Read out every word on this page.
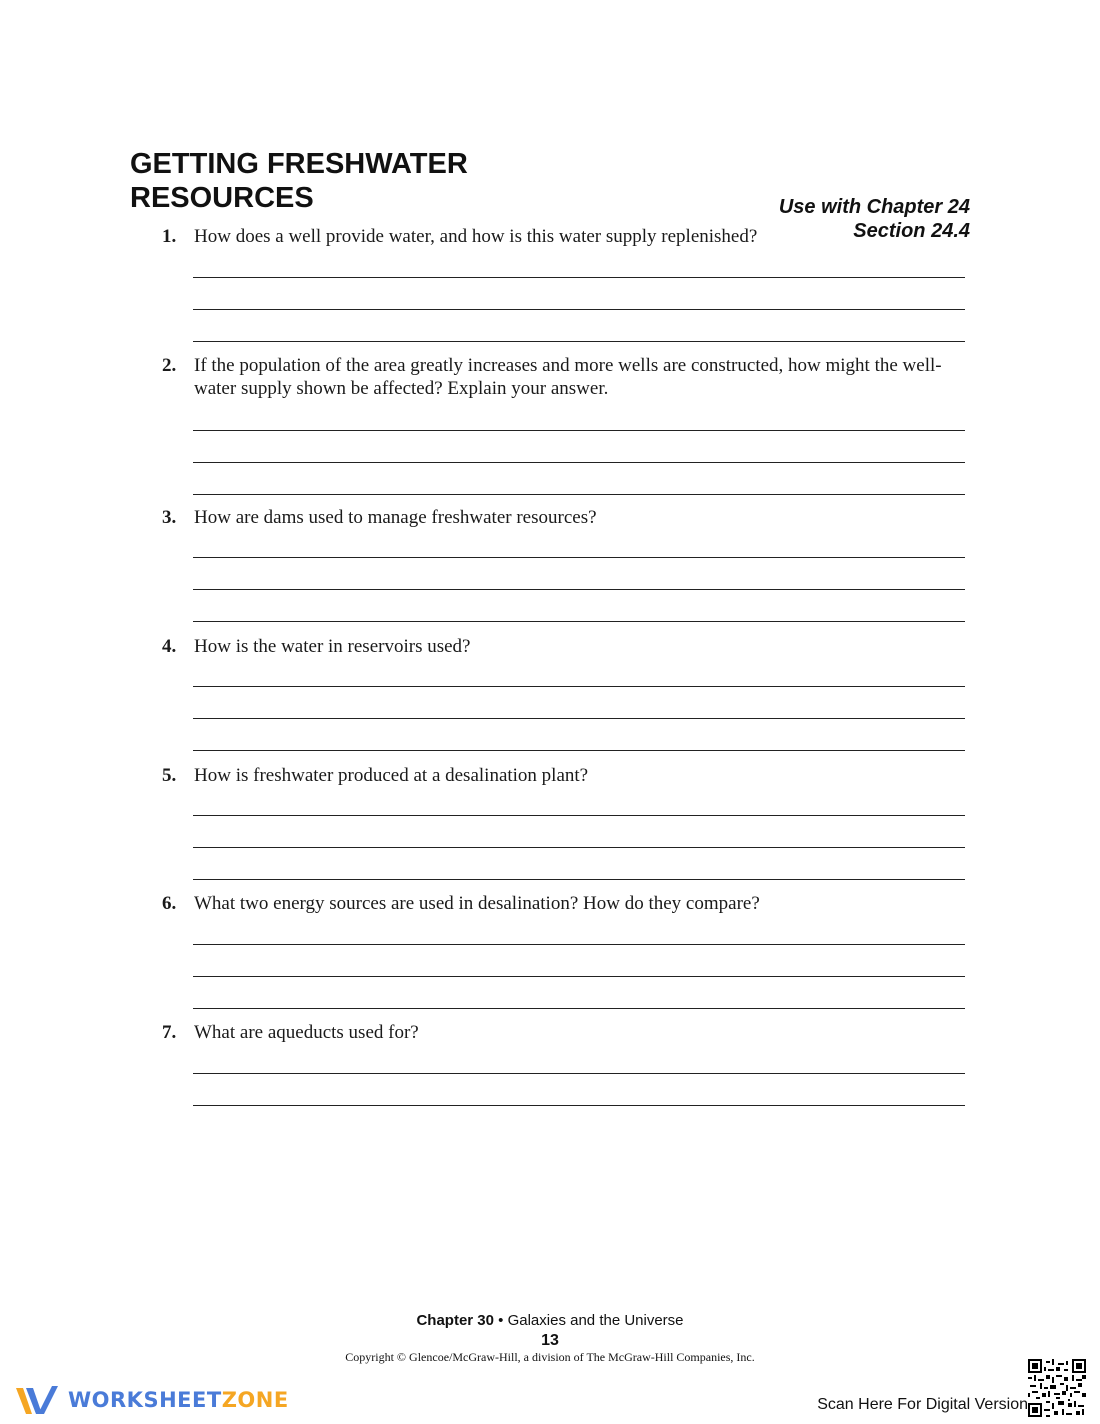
GETTING FRESHWATER RESOURCES	Use with Chapter 24
Section 24.4
1. How does a well provide water, and how is this water supply replenished?
2. If the population of the area greatly increases and more wells are constructed, how might the well-water supply shown be affected? Explain your answer.
3. How are dams used to manage freshwater resources?
4. How is the water in reservoirs used?
5. How is freshwater produced at a desalination plant?
6. What two energy sources are used in desalination? How do they compare?
7. What are aqueducts used for?
Chapter 30 • Galaxies and the Universe
13
Copyright © Glencoe/McGraw-Hill, a division of The McGraw-Hill Companies, Inc.
WORKSHEETZONE	Scan Here For Digital Version
